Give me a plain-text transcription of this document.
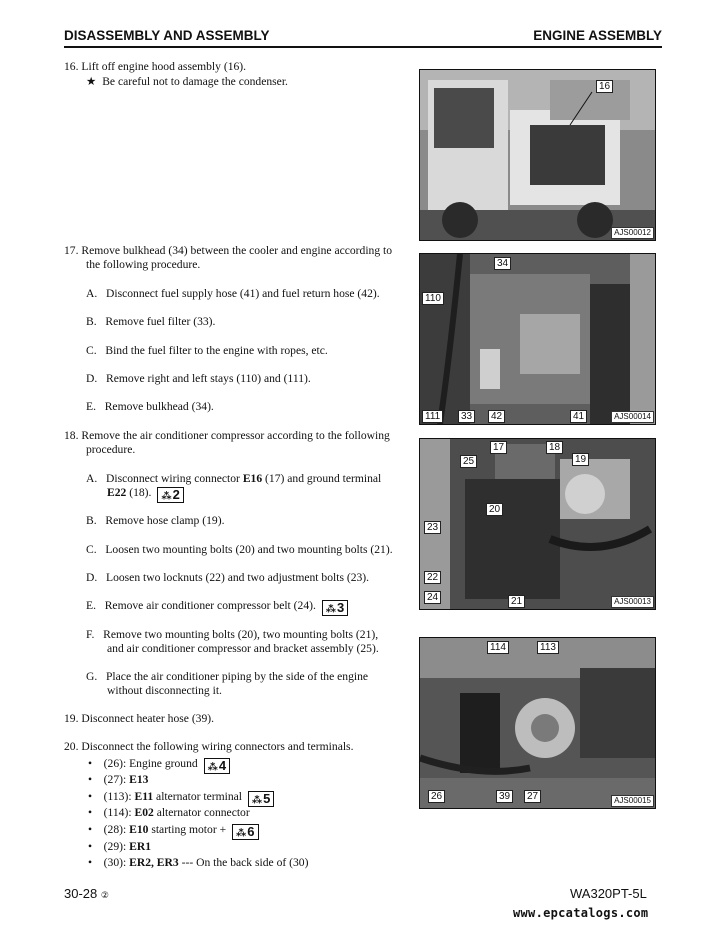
DISASSEMBLY AND ASSEMBLY	ENGINE ASSEMBLY
16. Lift off engine hood assembly (16).
★ Be careful not to damage the condenser.
17. Remove bulkhead (34) between the cooler and engine according to
the following procedure.
A. Disconnect fuel supply hose (41) and fuel return hose (42).
B. Remove fuel filter (33).
C. Bind the fuel filter to the engine with ropes, etc.
D. Remove right and left stays (110) and (111).
E. Remove bulkhead (34).
18. Remove the air conditioner compressor according to the following
procedure.
A. Disconnect wiring connector E16 (17) and ground terminal
E22 (18). ⁂ 2
B. Remove hose clamp (19).
C. Loosen two mounting bolts (20) and two mounting bolts (21).
D. Loosen two locknuts (22) and two adjustment bolts (23).
E. Remove air conditioner compressor belt (24). ⁂ 3
F. Remove two mounting bolts (20), two mounting bolts (21),
and air conditioner compressor and bracket assembly (25).
G. Place the air conditioner piping by the side of the engine
without disconnecting it.
19. Disconnect heater hose (39).
20. Disconnect the following wiring connectors and terminals.
•    (26): Engine ground ⁂ 4
•    (27): E13
•    (113): E11 alternator terminal ⁂ 5
•    (114): E02 alternator connector
•    (28): E10 starting motor + ⁂ 6
•    (29): ER1
•    (30): ER2, ER3 --- On the back side of (30)
16
AJS00012
34
110
111	33	42	41	AJS00014
17	18
25	19
20
23
22
24	21	AJS00013
114	113
26	39	27	AJS00015
30-28 ②	WA320PT-5L
www.epcatalogs.com
